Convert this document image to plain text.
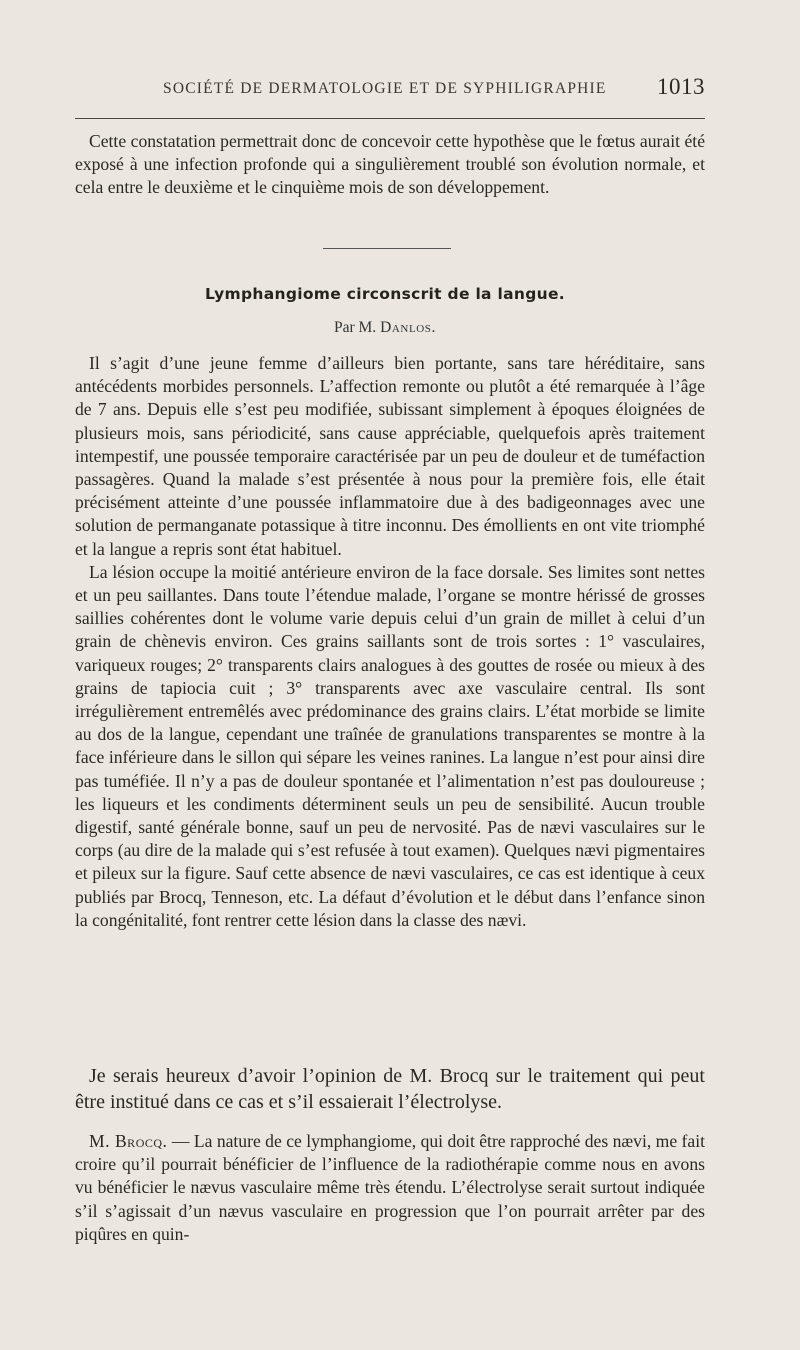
SOCIÉTÉ DE DERMATOLOGIE ET DE SYPHILIGRAPHIE 1013

Cette constatation permettrait donc de concevoir cette hypothèse que le fœtus aurait été exposé à une infection profonde qui a singulièrement troublé son évolution normale, et cela entre le deuxième et le cinquième mois de son développement.

Lymphangiome circonscrit de la langue.
Par M. Danlos.

Il s’agit d’une jeune femme d’ailleurs bien portante, sans tare héréditaire, sans antécédents morbides personnels. L’affection remonte ou plutôt a été remarquée à l’âge de 7 ans. Depuis elle s’est peu modifiée, subissant simplement à époques éloignées de plusieurs mois, sans périodicité, sans cause appréciable, quelquefois après traitement intempestif, une poussée temporaire caractérisée par un peu de douleur et de tuméfaction passagères. Quand la malade s’est présentée à nous pour la première fois, elle était précisément atteinte d’une poussée inflammatoire due à des badigeonnages avec une solution de permanganate potassique à titre inconnu. Des émollients en ont vite triomphé et la langue a repris sont état habituel.

La lésion occupe la moitié antérieure environ de la face dorsale. Ses limites sont nettes et un peu saillantes. Dans toute l’étendue malade, l’organe se montre hérissé de grosses saillies cohérentes dont le volume varie depuis celui d’un grain de millet à celui d’un grain de chènevis environ. Ces grains saillants sont de trois sortes : 1° vasculaires, variqueux rouges; 2° transparents clairs analogues à des gouttes de rosée ou mieux à des grains de tapiocia cuit ; 3° transparents avec axe vasculaire central. Ils sont irrégulièrement entremêlés avec prédominance des grains clairs. L’état morbide se limite au dos de la langue, cependant une traînée de granulations transparentes se montre à la face inférieure dans le sillon qui sépare les veines ranines. La langue n’est pour ainsi dire pas tuméfiée. Il n’y a pas de douleur spontanée et l’alimentation n’est pas douloureuse ; les liqueurs et les condiments déterminent seuls un peu de sensibilité. Aucun trouble digestif, santé générale bonne, sauf un peu de nervosité. Pas de nævi vasculaires sur le corps (au dire de la malade qui s’est refusée à tout examen). Quelques nævi pigmentaires et pileux sur la figure. Sauf cette absence de nævi vasculaires, ce cas est identique à ceux publiés par Brocq, Tenneson, etc. La défaut d’évolution et le début dans l’enfance sinon la congénitalité, font rentrer cette lésion dans la classe des nævi.

Je serais heureux d’avoir l’opinion de M. Brocq sur le traitement qui peut être institué dans ce cas et s’il essaierait l’électrolyse.

M. Brocq. — La nature de ce lymphangiome, qui doit être rapproché des nævi, me fait croire qu’il pourrait bénéficier de l’influence de la radiothérapie comme nous en avons vu bénéficier le nævus vasculaire même très étendu. L’électrolyse serait surtout indiquée s’il s’agissait d’un nævus vasculaire en progression que l’on pourrait arrêter par des piqûres en quin-
